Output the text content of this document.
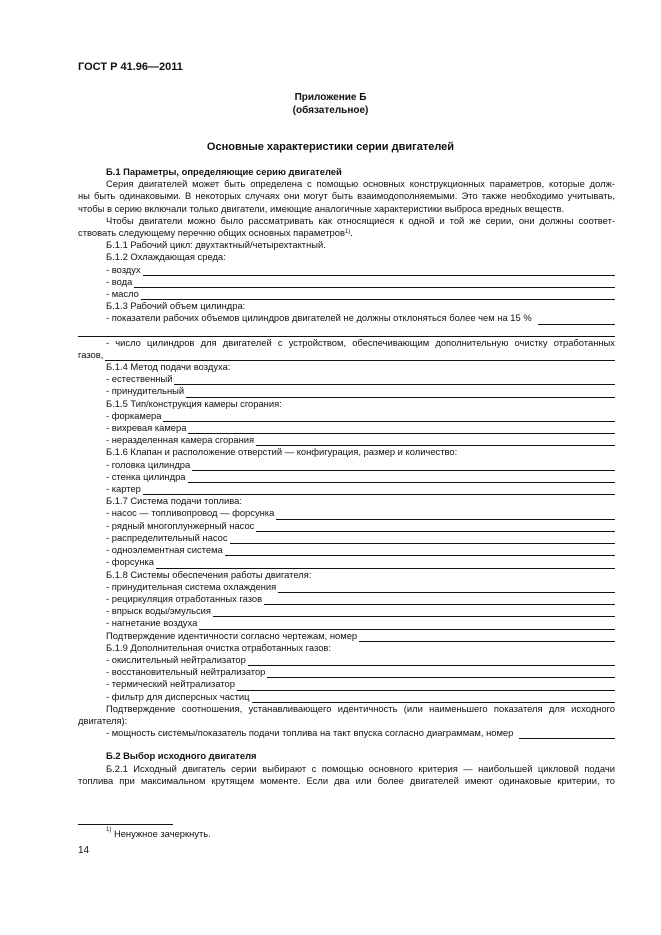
ГОСТ Р 41.96—2011
Приложение Б
(обязательное)
Основные характеристики серии двигателей

Б.1 Параметры, определяющие серию двигателей

Серия двигателей может быть определена с помощью основных конструкционных параметров, которые долж-

ны быть одинаковыми. В некоторых случаях они могут быть взаимодополняемыми. Это также необходимо учитывать,

чтобы в серию включали только двигатели, имеющие аналогичные характеристики выброса вредных веществ.

Чтобы двигатели можно было рассматривать как относящиеся к одной и той же серии, они должны соответ-

ствовать следующему перечню общих основных параметров$^{1)}$.

Б.1.1 Рабочий цикл: двухтактный/четырехтактный.

Б.1.2 Охлаждающая среда:

- воздух
- вода
- масло

Б.1.3 Рабочий объем цилиндра:

- показатели рабочих объемов цилиндров двигателей не должны отклоняться более чем на 15 %

- число цилиндров для двигателей с устройством, обеспечивающим дополнительную очистку отработанных

газов,

Б.1.4 Метод подачи воздуха:

- естественный
- принудительный

Б.1.5 Тип/конструкция камеры сгорания:

- форкамера
- вихревая камера
- неразделенная камера сгорания

Б.1.6 Клапан и расположение отверстий — конфигурация, размер и количество:

- головка цилиндра
- стенка цилиндра
- картер

Б.1.7 Система подачи топлива:

- насос — топливопровод — форсунка
- рядный многоплунжерный насос
- распределительный насос
- одноэлементная система
- форсунка

Б.1.8 Системы обеспечения работы двигателя:

- принудительная система охлаждения
- рециркуляция отработанных газов
- впрыск воды/эмульсия
- нагнетание воздуха
Подтверждение идентичности согласно чертежам, номер

Б.1.9 Дополнительная очистка отработанных газов:

- окислительный нейтрализатор
- восстановительный нейтрализатор
- термический нейтрализатор
- фильтр для дисперсных частиц

Подтверждение соотношения, устанавливающего идентичность (или наименьшего показателя для исходного

двигателя):

- мощность системы/показатель подачи топлива на такт впуска согласно диаграммам, номер

Б.2 Выбор исходного двигателя

Б.2.1 Исходный двигатель серии выбирают с помощью основного критерия — наибольшей цикловой подачи

топлива при максимальном крутящем моменте. Если два или более двигателей имеют одинаковые критерии, то

$^{1)}$ Ненужное зачеркнуть.
14
